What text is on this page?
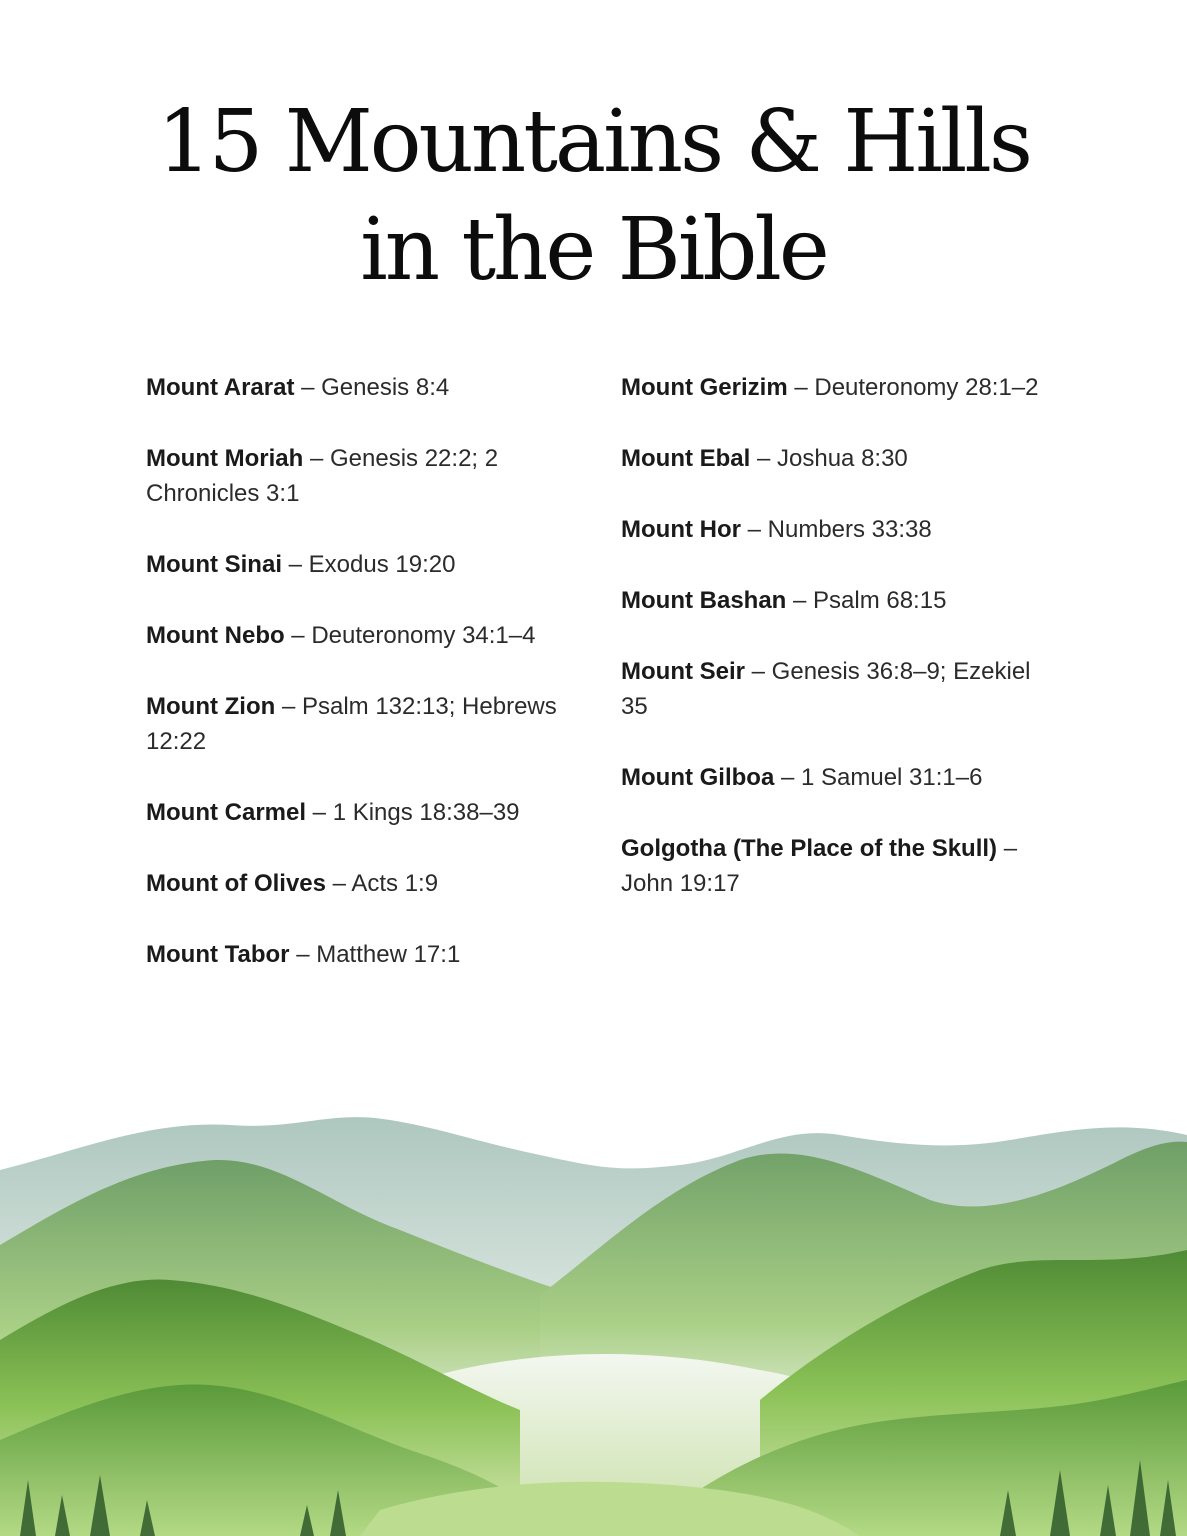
15 Mountains & Hills
in the Bible

Mount Ararat – Genesis 8:4

Mount Moriah – Genesis 22:2; 2 Chronicles 3:1

Mount Sinai – Exodus 19:20

Mount Nebo – Deuteronomy 34:1–4

Mount Zion – Psalm 132:13; Hebrews 12:22

Mount Carmel – 1 Kings 18:38–39

Mount of Olives – Acts 1:9

Mount Tabor – Matthew 17:1

Mount Gerizim – Deuteronomy 28:1–2

Mount Ebal – Joshua 8:30

Mount Hor – Numbers 33:38

Mount Bashan – Psalm 68:15

Mount Seir – Genesis 36:8–9; Ezekiel 35

Mount Gilboa – 1 Samuel 31:1–6

Golgotha (The Place of the Skull) – John 19:17
